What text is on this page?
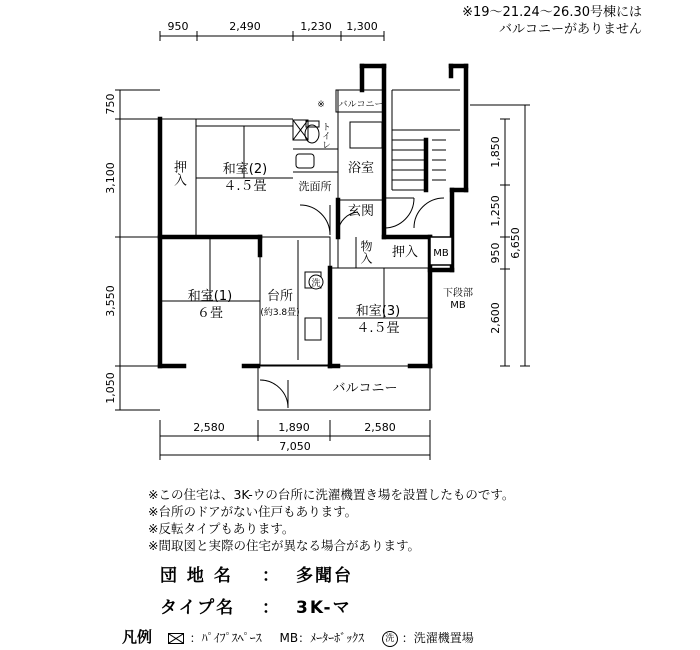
950	2,490	1,230 1,300
750
3,100
3,550
1,050
1,850
1,250
950
2,600
6,650
2,580	1,890	2,580
7,050
和室(2)
４.５畳	洗面所
浴室
バルコニー
※
玄関
押入 MB
和室(1)
６畳
台所
(約3.8畳)	和室(3)
４.５畳
下段部
MB
バルコニー
洗
押入
トイレ
物入
※19～21.24～26.30号棟には
バルコニーがありません
※この住宅は、3K-ウの台所に洗濯機置き場を設置したものです。
※台所のドアがない住戸もあります。
※反転タイプもあります。
※間取図と実際の住宅が異なる場合があります。
団 地 名 ： 多聞台
タイプ名 ： 3K-マ
凡例	：ﾊﾟｲﾌﾟｽﾍﾟｰｽ MB：ﾒｰﾀｰﾎﾞｯｸｽ 洗 ：洗濯機置場
